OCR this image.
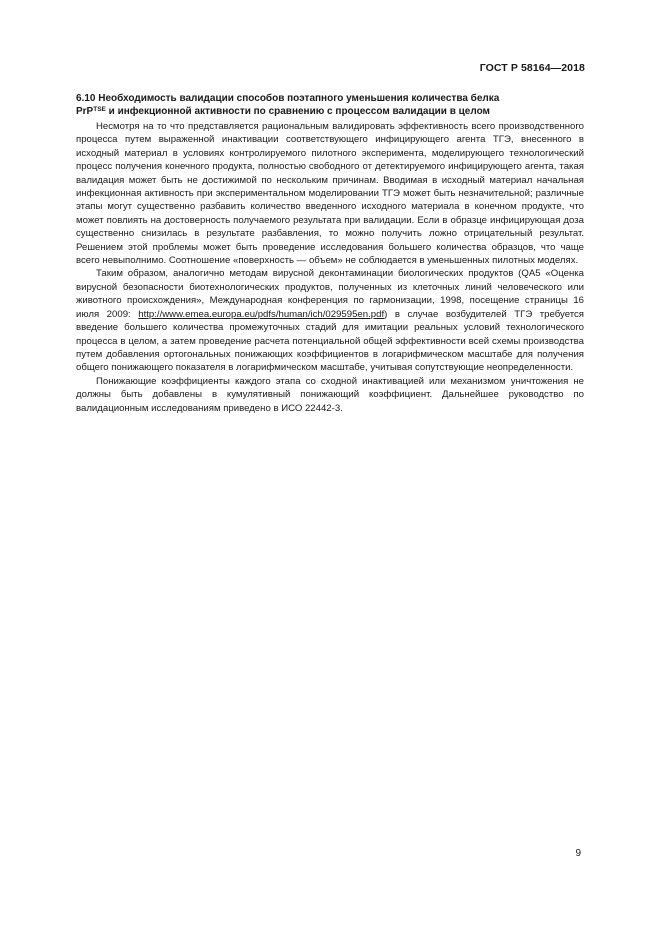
ГОСТ Р 58164—2018
6.10 Необходимость валидации способов поэтапного уменьшения количества белка
PrP$^{TSE}$ и инфекционной активности по сравнению с процессом валидации в целом

Несмотря на то что представляется рациональным валидировать эффективность всего производственного процесса путем выраженной инактивации соответствующего инфицирующего агента ТГЭ, внесенного в исходный материал в условиях контролируемого пилотного эксперимента, моделирующего технологический процесс получения конечного продукта, полностью свободного от детектируемого инфицирующего агента, такая валидация может быть не достижимой по нескольким причинам. Вводимая в исходный материал начальная инфекционная активность при экспериментальном моделировании ТГЭ может быть незначительной; различные этапы могут существенно разбавить количество введенного исходного материала в конечном продукте, что может повлиять на достоверность получаемого результата при валидации. Если в образце инфицирующая доза существенно снизилась в результате разбавления, то можно получить ложно отрицательный результат. Решением этой проблемы может быть проведение исследования большего количества образцов, что чаще всего невыполнимо. Соотношение «поверхность — объем» не соблюдается в уменьшенных пилотных моделях.

Таким образом, аналогично методам вирусной деконтаминации биологических продуктов (QA5 «Оценка вирусной безопасности биотехнологических продуктов, полученных из клеточных линий человеческого или животного происхождения», Международная конференция по гармонизации, 1998, посещение страницы 16 июля 2009: http://www.emea.europa.eu/pdfs/human/ich/029595en.pdf) в случае возбудителей ТГЭ требуется введение большего количества промежуточных стадий для имитации реальных условий технологического процесса в целом, а затем проведение расчета потенциальной общей эффективности всей схемы производства путем добавления ортогональных понижающих коэффициентов в логарифмическом масштабе для получения общего понижающего показателя в логарифмическом масштабе, учитывая сопутствующие неопределенности.

Понижающие коэффициенты каждого этапа со сходной инактивацией или механизмом уничтожения не должны быть добавлены в кумулятивный понижающий коэффициент. Дальнейшее руководство по валидационным исследованиям приведено в ИСО 22442-3.

9
